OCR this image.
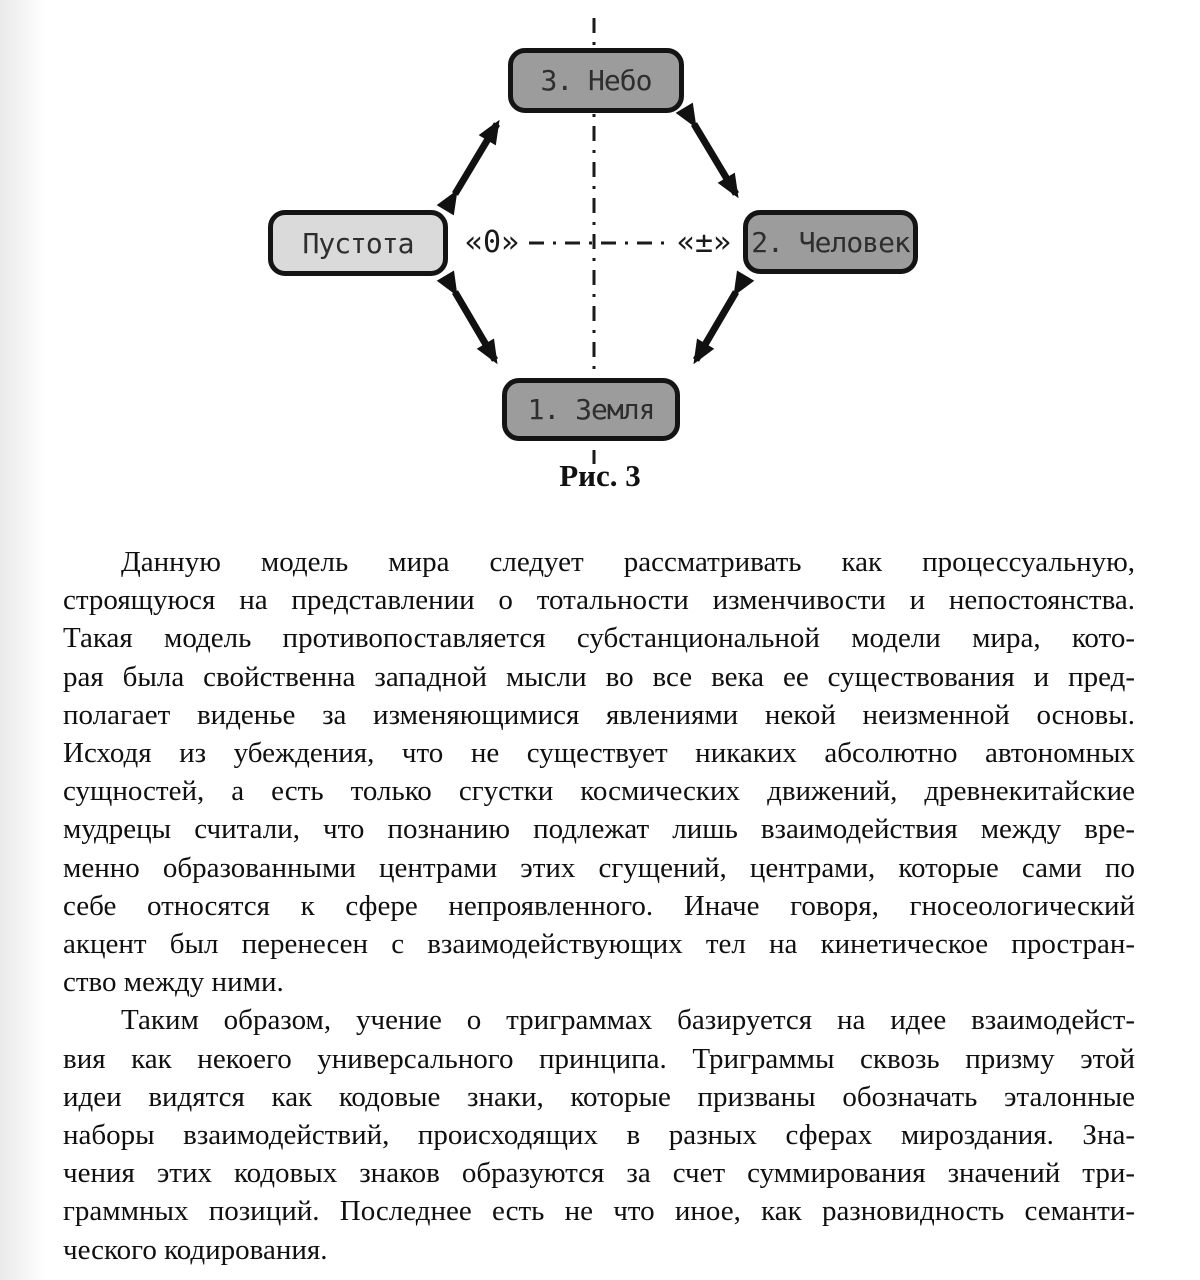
3. Небо
Пустота	2. Человек
1. Земля
«0»	«±»
Рис. 3
Данную модель мира следует рассматривать как процессуальную,
строящуюся на представлении о тотальности изменчивости и непостоянства.
Такая модель противопоставляется субстанциональной модели мира, кото-
рая была свойственна западной мысли во все века ее существования и пред-
полагает виденье за изменяющимися явлениями некой неизменной основы.
Исходя из убеждения, что не существует никаких абсолютно автономных
сущностей, а есть только сгустки космических движений, древнекитайские
мудрецы считали, что познанию подлежат лишь взаимодействия между вре-
менно образованными центрами этих сгущений, центрами, которые сами по
себе относятся к сфере непроявленного. Иначе говоря, гносеологический
акцент был перенесен с взаимодействующих тел на кинетическое простран-
ство между ними.
Таким образом, учение о триграммах базируется на идее взаимодейст-
вия как некоего универсального принципа. Триграммы сквозь призму этой
идеи видятся как кодовые знаки, которые призваны обозначать эталонные
наборы взаимодействий, происходящих в разных сферах мироздания. Зна-
чения этих кодовых знаков образуются за счет суммирования значений три-
граммных позиций. Последнее есть не что иное, как разновидность семанти-
ческого кодирования.
